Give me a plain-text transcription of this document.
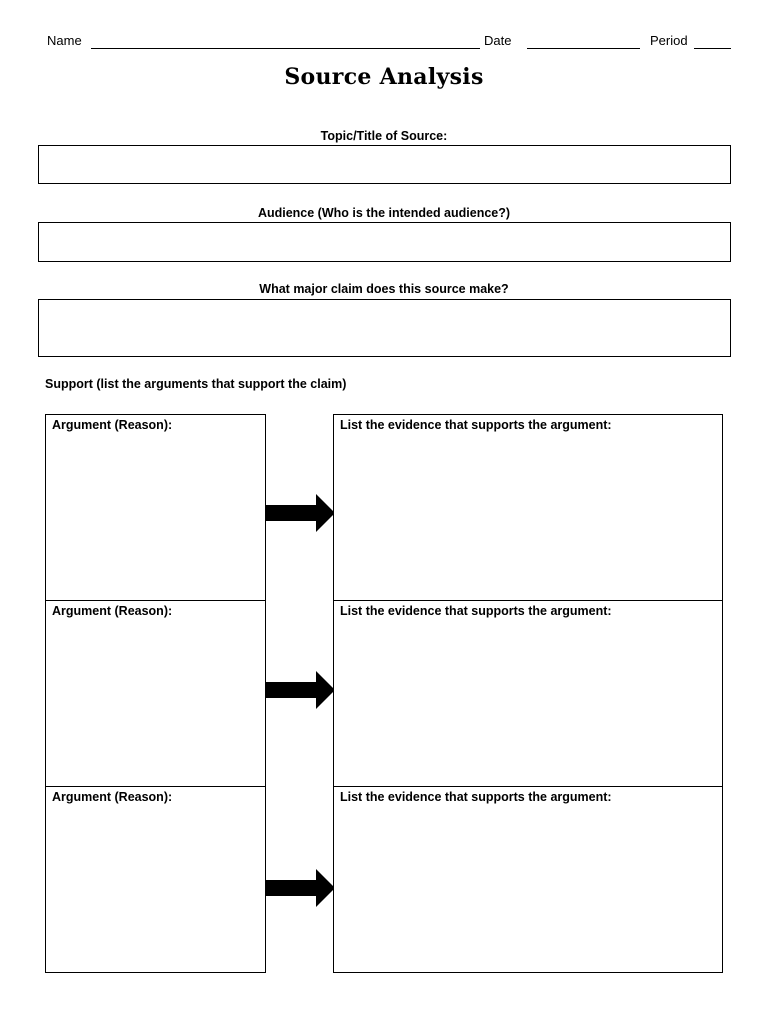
Name	Date	Period
Source Analysis
Topic/Title of Source:
Audience (Who is the intended audience?)
What major claim does this source make?
Support (list the arguments that support the claim)
Argument (Reason):	List the evidence that supports the argument:
Argument (Reason):	List the evidence that supports the argument:
Argument (Reason):	List the evidence that supports the argument:
